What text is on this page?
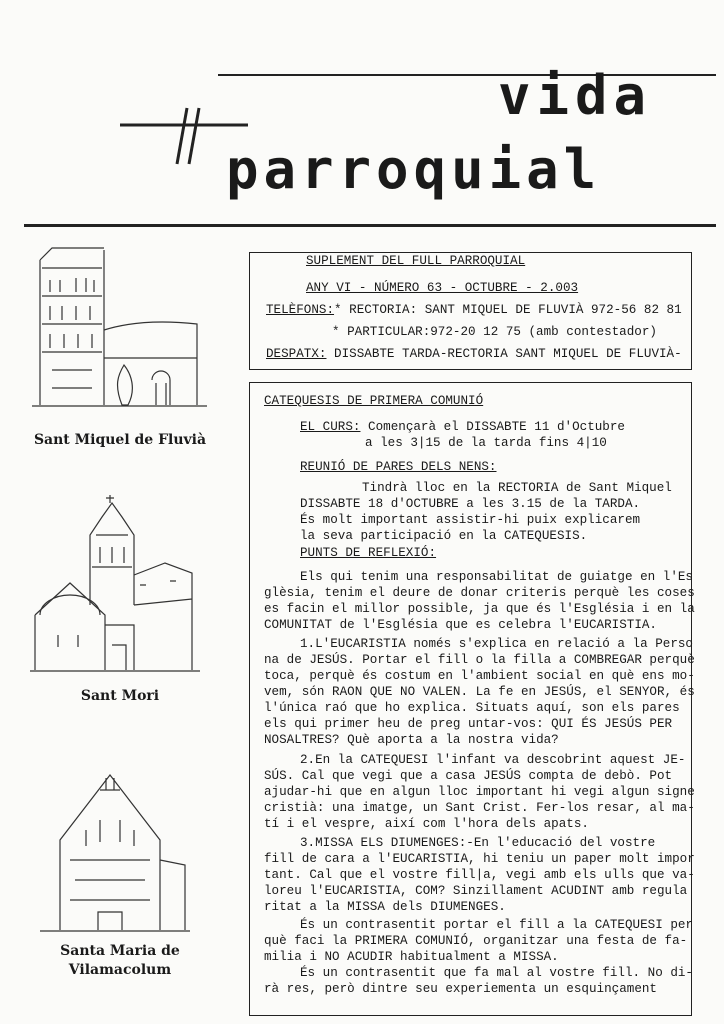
vida
parroquial
Sant Miquel de Fluvià
Sant Mori
Santa Maria de
Vilamacolum
SUPLEMENT DEL FULL PARROQUIAL
ANY VI - NÚMERO 63 - OCTUBRE - 2.003
TELÈFONS:* RECTORIA: SANT MIQUEL DE FLUVIÀ 972-56 82 81
* PARTICULAR:972-20 12 75 (amb contestador)
DESPATX: DISSABTE TARDA-RECTORIA SANT MIQUEL DE FLUVIÀ-
CATEQUESIS DE PRIMERA COMUNIÓ
EL CURS: Començarà el DISSABTE 11 d'Octubre
a les 3|15 de la tarda fins 4|10
REUNIÓ DE PARES DELS NENS:
Tindrà lloc en la RECTORIA de Sant Miquel
DISSABTE 18 d'OCTUBRE a les 3.15 de la TARDA.
És molt important assistir-hi puix explicarem
la seva participació en la CATEQUESIS.
PUNTS DE REFLEXIÓ:
Els qui tenim una responsabilitat de guiatge en l'Es
glèsia, tenim el deure de donar criteris perquè les coses
es facin el millor possible, ja que és l'Església i en la
COMUNITAT de l'Església que es celebra l'EUCARISTIA.
1.L'EUCARISTIA només s'explica en relació a la Perso
na de JESÚS. Portar el fill o la filla a COMBREGAR perquè
toca, perquè és costum en l'ambient social en què ens mo-
vem, són RAON QUE NO VALEN. La fe en JESÚS, el SENYOR, és
l'única raó que ho explica. Situats aquí, son els pares
els qui primer heu de preg untar-vos: QUI ÉS JESÚS PER
NOSALTRES? Què aporta a la nostra vida?
2.En la CATEQUESI l'infant va descobrint aquest JE-
SÚS. Cal que vegi que a casa JESÚS compta de debò. Pot
ajudar-hi que en algun lloc important hi vegi algun signe
cristià: una imatge, un Sant Crist. Fer-los resar, al ma-
tí i el vespre, així com l'hora dels apats.
3.MISSA ELS DIUMENGES:-En l'educació del vostre
fill de cara a l'EUCARISTIA, hi teniu un paper molt impor
tant. Cal que el vostre fill|a, vegi amb els ulls que va-
loreu l'EUCARISTIA, COM? Sinzillament ACUDINT amb regula
ritat a la MISSA dels DIUMENGES.
És un contrasentit portar el fill a la CATEQUESI per
què faci la PRIMERA COMUNIÓ, organitzar una festa de fa-
milia i NO ACUDIR habitualment a MISSA.
És un contrasentit que fa mal al vostre fill. No di-
rà res, però dintre seu experiementa un esquinçament
